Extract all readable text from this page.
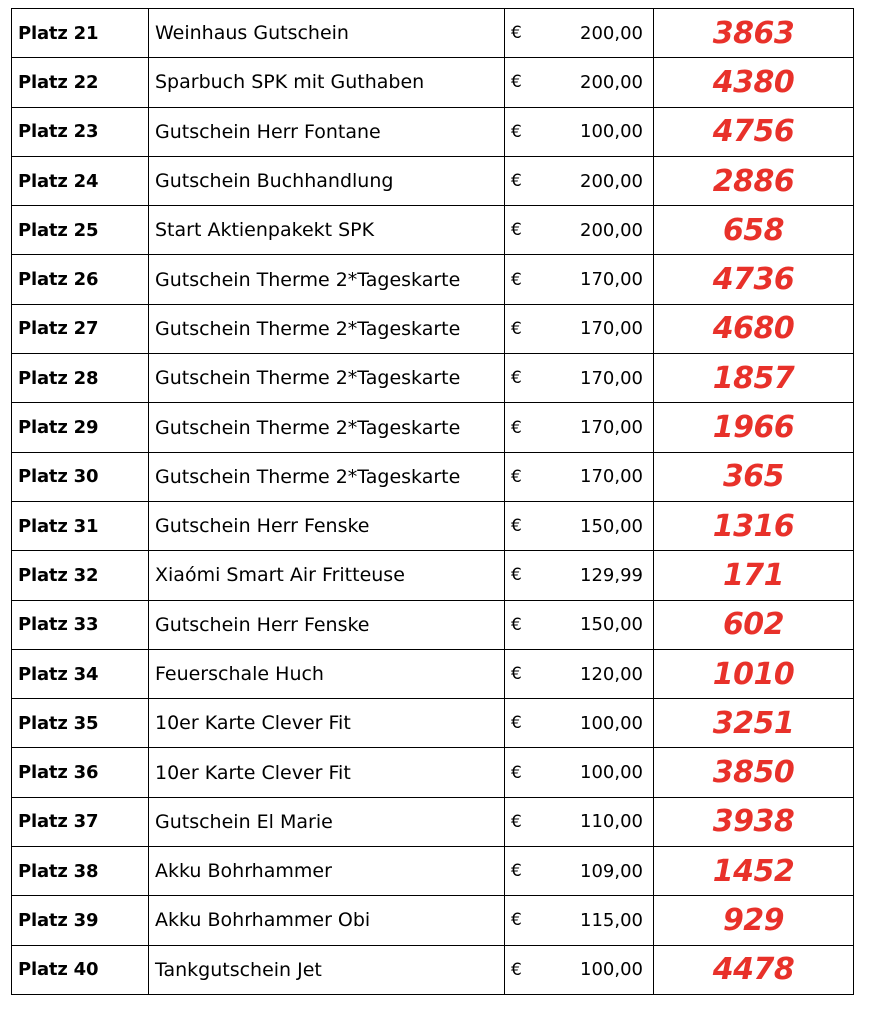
Platz 21	Weinhaus Gutschein	€	200,00	3863
Platz 22	Sparbuch SPK mit Guthaben	€	200,00	4380
Platz 23	Gutschein Herr Fontane	€	100,00	4756
Platz 24	Gutschein Buchhandlung	€	200,00	2886
Platz 25	Start Aktienpakekt SPK	€	200,00	658
Platz 26	Gutschein Therme 2*Tageskarte	€	170,00	4736
Platz 27	Gutschein Therme 2*Tageskarte	€	170,00	4680
Platz 28	Gutschein Therme 2*Tageskarte	€	170,00	1857
Platz 29	Gutschein Therme 2*Tageskarte	€	170,00	1966
Platz 30	Gutschein Therme 2*Tageskarte	€	170,00	365
Platz 31	Gutschein Herr Fenske	€	150,00	1316
Platz 32	Xiaómi Smart Air Fritteuse	€	129,99	171
Platz 33	Gutschein Herr Fenske	€	150,00	602
Platz 34	Feuerschale Huch	€	120,00	1010
Platz 35	10er Karte Clever Fit	€	100,00	3251
Platz 36	10er Karte Clever Fit	€	100,00	3850
Platz 37	Gutschein El Marie	€	110,00	3938
Platz 38	Akku Bohrhammer	€	109,00	1452
Platz 39	Akku Bohrhammer Obi	€	115,00	929
Platz 40	Tankgutschein Jet	€	100,00	4478
